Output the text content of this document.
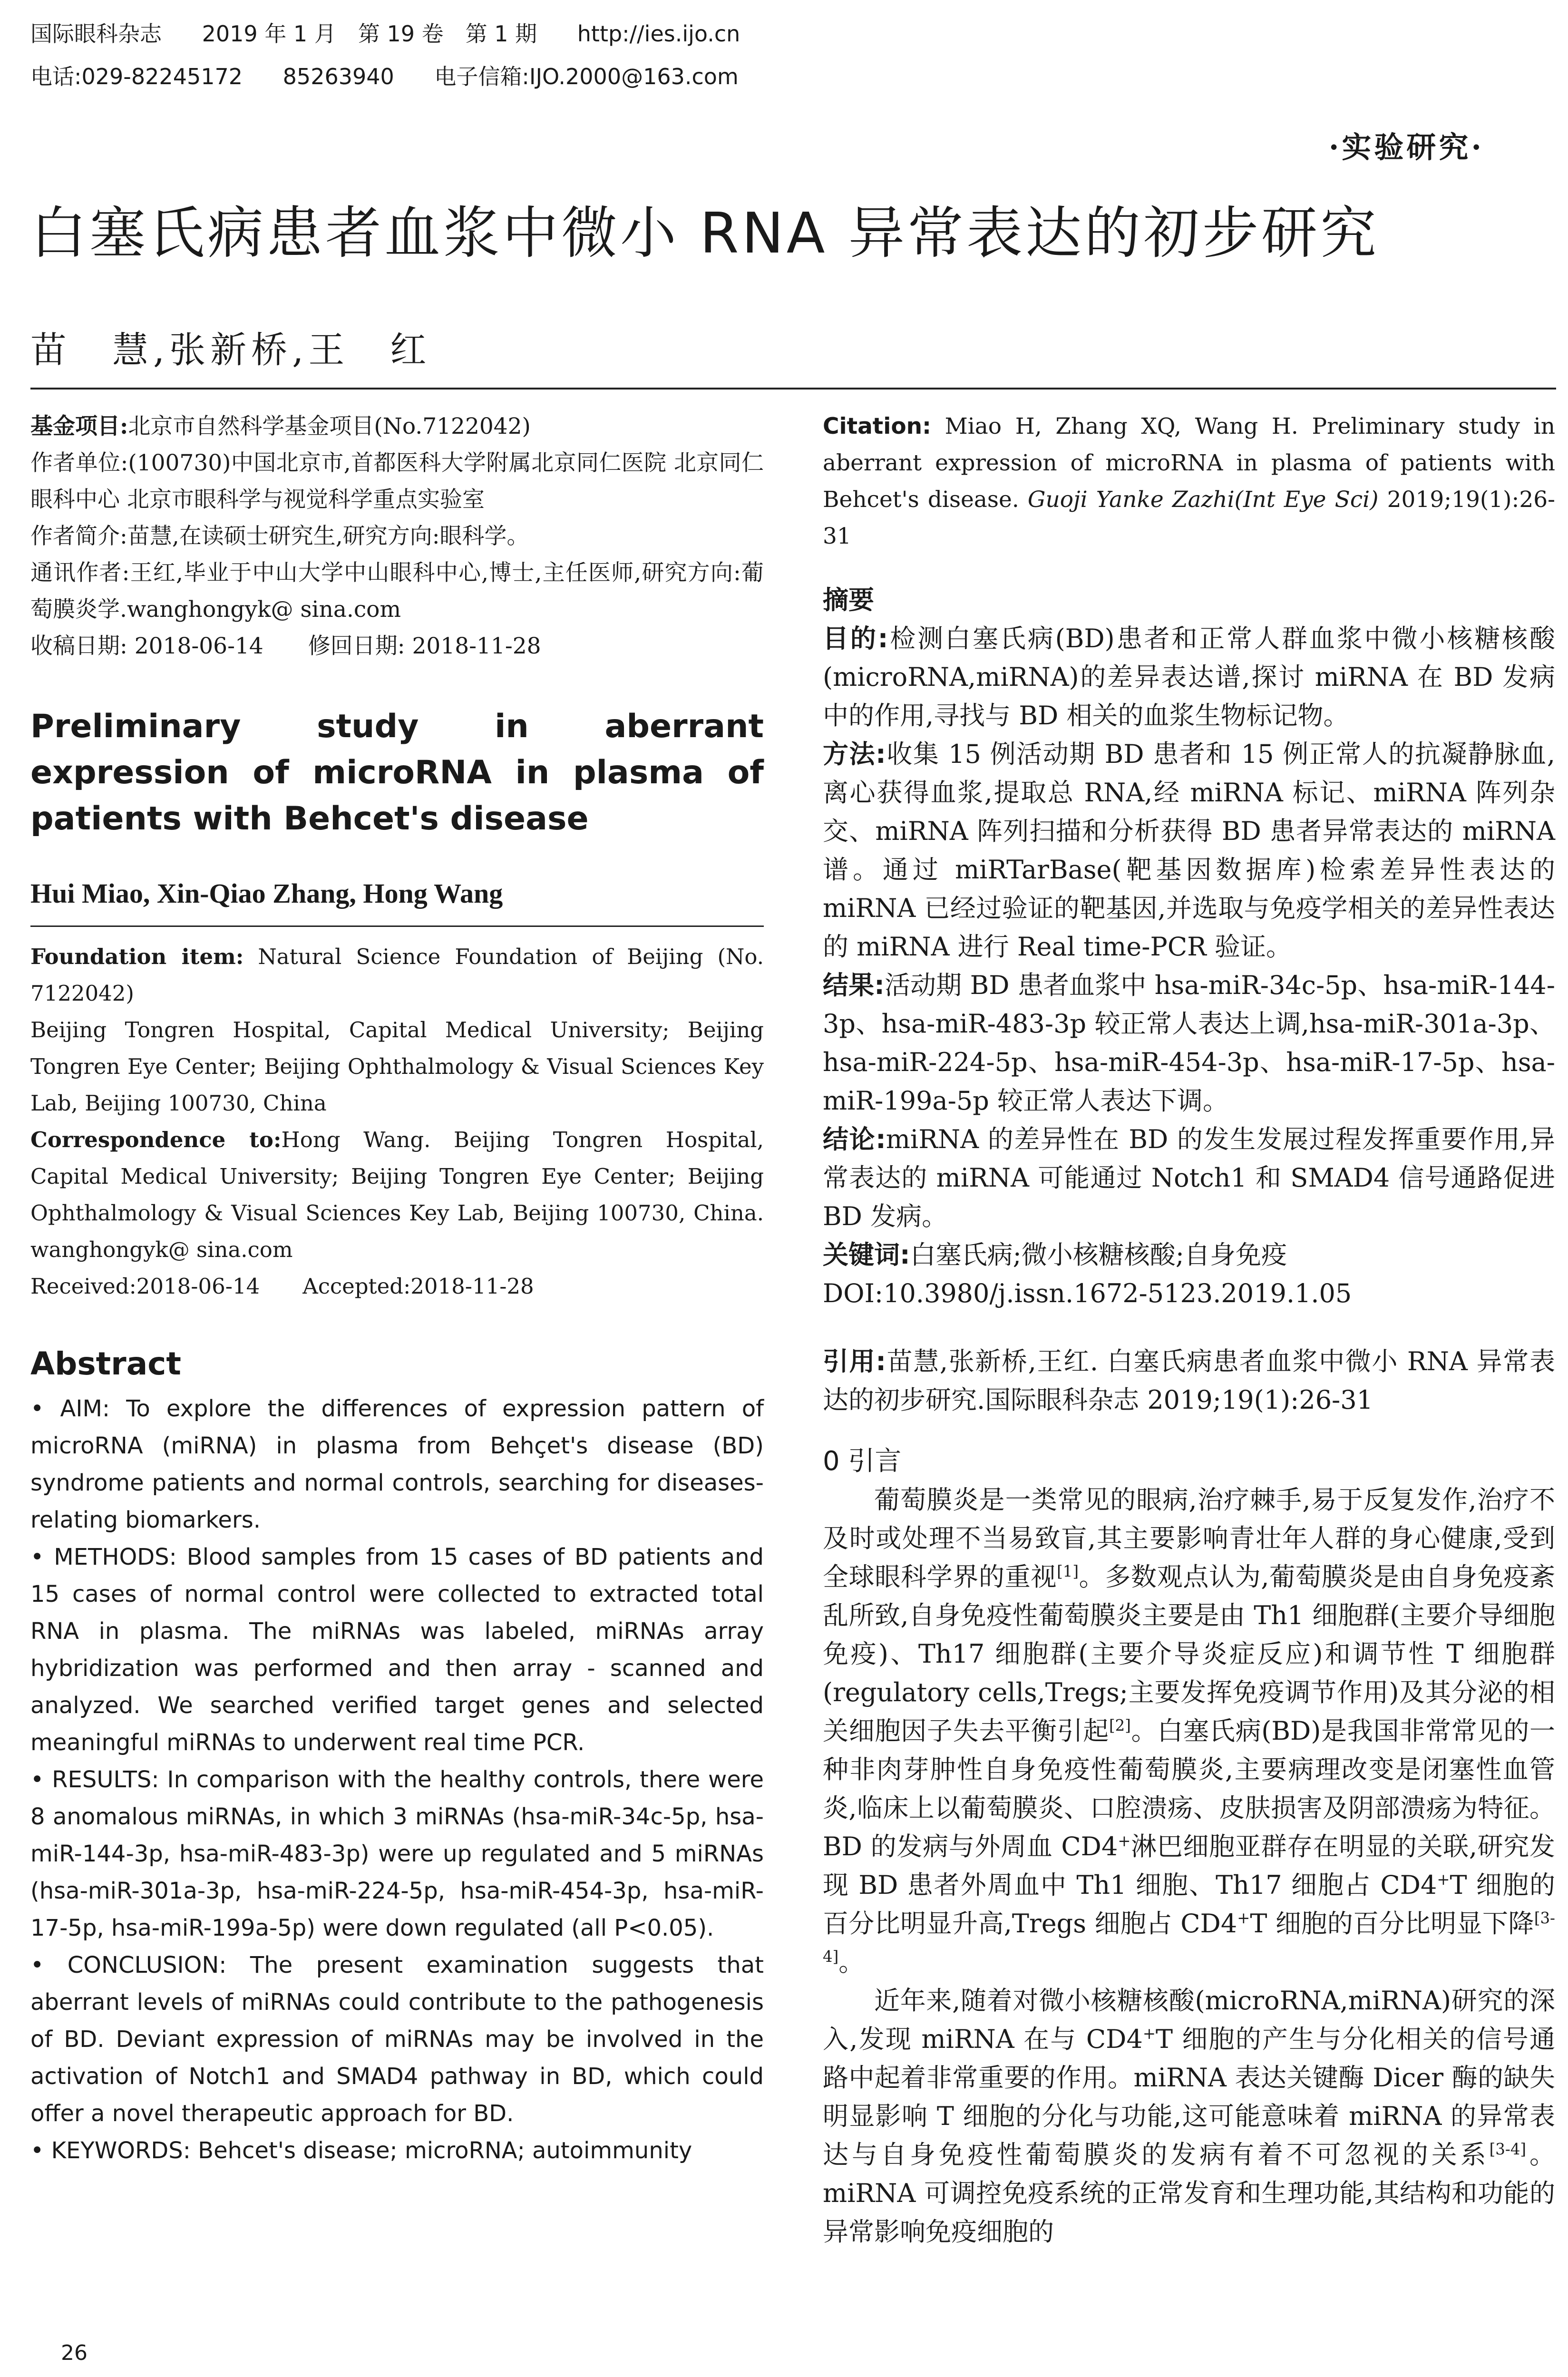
国际眼科杂志 2019 年 1 月　第 19 卷　第 1 期 http://ies.ijo.cn
电话:029-82245172 85263940 电子信箱:IJO.2000@163.com
·实验研究·
白塞氏病患者血浆中微小 RNA 异常表达的初步研究
苗　慧,张新桥,王　红

基金项目:北京市自然科学基金项目(No.7122042)

作者单位:(100730)中国北京市,首都医科大学附属北京同仁医院 北京同仁眼科中心 北京市眼科学与视觉科学重点实验室

作者简介:苗慧,在读硕士研究生,研究方向:眼科学。

通讯作者:王红,毕业于中山大学中山眼科中心,博士,主任医师,研究方向:葡萄膜炎学.wanghongyk@ sina.com

收稿日期: 2018-06-14　　修回日期: 2018-11-28

Preliminary study in aberrant expression of microRNA in plasma of patients with Behcet's disease

Hui Miao, Xin-Qiao Zhang, Hong Wang

Foundation item: Natural Science Foundation of Beijing (No. 7122042)

Beijing Tongren Hospital, Capital Medical University; Beijing Tongren Eye Center; Beijing Ophthalmology & Visual Sciences Key Lab, Beijing 100730, China

Correspondence to:Hong Wang. Beijing Tongren Hospital, Capital Medical University; Beijing Tongren Eye Center; Beijing Ophthalmology & Visual Sciences Key Lab, Beijing 100730, China. wanghongyk@ sina.com

Received:2018-06-14　　Accepted:2018-11-28

Abstract

• AIM: To explore the differences of expression pattern of microRNA (miRNA) in plasma from Behçet's disease (BD) syndrome patients and normal controls, searching for diseases-relating biomarkers.

• METHODS: Blood samples from 15 cases of BD patients and 15 cases of normal control were collected to extracted total RNA in plasma. The miRNAs was labeled, miRNAs array hybridization was performed and then array - scanned and analyzed. We searched verified target genes and selected meaningful miRNAs to underwent real time PCR.

• RESULTS: In comparison with the healthy controls, there were 8 anomalous miRNAs, in which 3 miRNAs (hsa-miR-34c-5p, hsa-miR-144-3p, hsa-miR-483-3p) were up regulated and 5 miRNAs (hsa-miR-301a-3p, hsa-miR-224-5p, hsa-miR-454-3p, hsa-miR-17-5p, hsa-miR-199a-5p) were down regulated (all P<0.05).

• CONCLUSION: The present examination suggests that aberrant levels of miRNAs could contribute to the pathogenesis of BD. Deviant expression of miRNAs may be involved in the activation of Notch1 and SMAD4 pathway in BD, which could offer a novel therapeutic approach for BD.

• KEYWORDS: Behcet's disease; microRNA; autoimmunity

Citation: Miao H, Zhang XQ, Wang H. Preliminary study in aberrant expression of microRNA in plasma of patients with Behcet's disease. Guoji Yanke Zazhi(Int Eye Sci) 2019;19(1):26-31

摘要

目的:检测白塞氏病(BD)患者和正常人群血浆中微小核糖核酸(microRNA,miRNA)的差异表达谱,探讨 miRNA 在 BD 发病中的作用,寻找与 BD 相关的血浆生物标记物。

方法:收集 15 例活动期 BD 患者和 15 例正常人的抗凝静脉血,离心获得血浆,提取总 RNA,经 miRNA 标记、miRNA 阵列杂交、miRNA 阵列扫描和分析获得 BD 患者异常表达的 miRNA 谱。通过 miRTarBase(靶基因数据库)检索差异性表达的 miRNA 已经过验证的靶基因,并选取与免疫学相关的差异性表达的 miRNA 进行 Real time-PCR 验证。

结果:活动期 BD 患者血浆中 hsa-miR-34c-5p、hsa-miR-144-3p、hsa-miR-483-3p 较正常人表达上调,hsa-miR-301a-3p、hsa-miR-224-5p、hsa-miR-454-3p、hsa-miR-17-5p、hsa-miR-199a-5p 较正常人表达下调。

结论:miRNA 的差异性在 BD 的发生发展过程发挥重要作用,异常表达的 miRNA 可能通过 Notch1 和 SMAD4 信号通路促进 BD 发病。

关键词:白塞氏病;微小核糖核酸;自身免疫

DOI:10.3980/j.issn.1672-5123.2019.1.05

引用:苗慧,张新桥,王红. 白塞氏病患者血浆中微小 RNA 异常表达的初步研究.国际眼科杂志 2019;19(1):26-31

0 引言

葡萄膜炎是一类常见的眼病,治疗棘手,易于反复发作,治疗不及时或处理不当易致盲,其主要影响青壮年人群的身心健康,受到全球眼科学界的重视[1]。多数观点认为,葡萄膜炎是由自身免疫紊乱所致,自身免疫性葡萄膜炎主要是由 Th1 细胞群(主要介导细胞免疫)、Th17 细胞群(主要介导炎症反应)和调节性 T 细胞群(regulatory cells,Tregs;主要发挥免疫调节作用)及其分泌的相关细胞因子失去平衡引起[2]。白塞氏病(BD)是我国非常常见的一种非肉芽肿性自身免疫性葡萄膜炎,主要病理改变是闭塞性血管炎,临床上以葡萄膜炎、口腔溃疡、皮肤损害及阴部溃疡为特征。BD 的发病与外周血 CD4+淋巴细胞亚群存在明显的关联,研究发现 BD 患者外周血中 Th1 细胞、Th17 细胞占 CD4+T 细胞的百分比明显升高,Tregs 细胞占 CD4+T 细胞的百分比明显下降[3-4]。

近年来,随着对微小核糖核酸(microRNA,miRNA)研究的深入,发现 miRNA 在与 CD4+T 细胞的产生与分化相关的信号通路中起着非常重要的作用。miRNA 表达关键酶 Dicer 酶的缺失明显影响 T 细胞的分化与功能,这可能意味着 miRNA 的异常表达与自身免疫性葡萄膜炎的发病有着不可忽视的关系[3-4]。miRNA 可调控免疫系统的正常发育和生理功能,其结构和功能的异常影响免疫细胞的

26
